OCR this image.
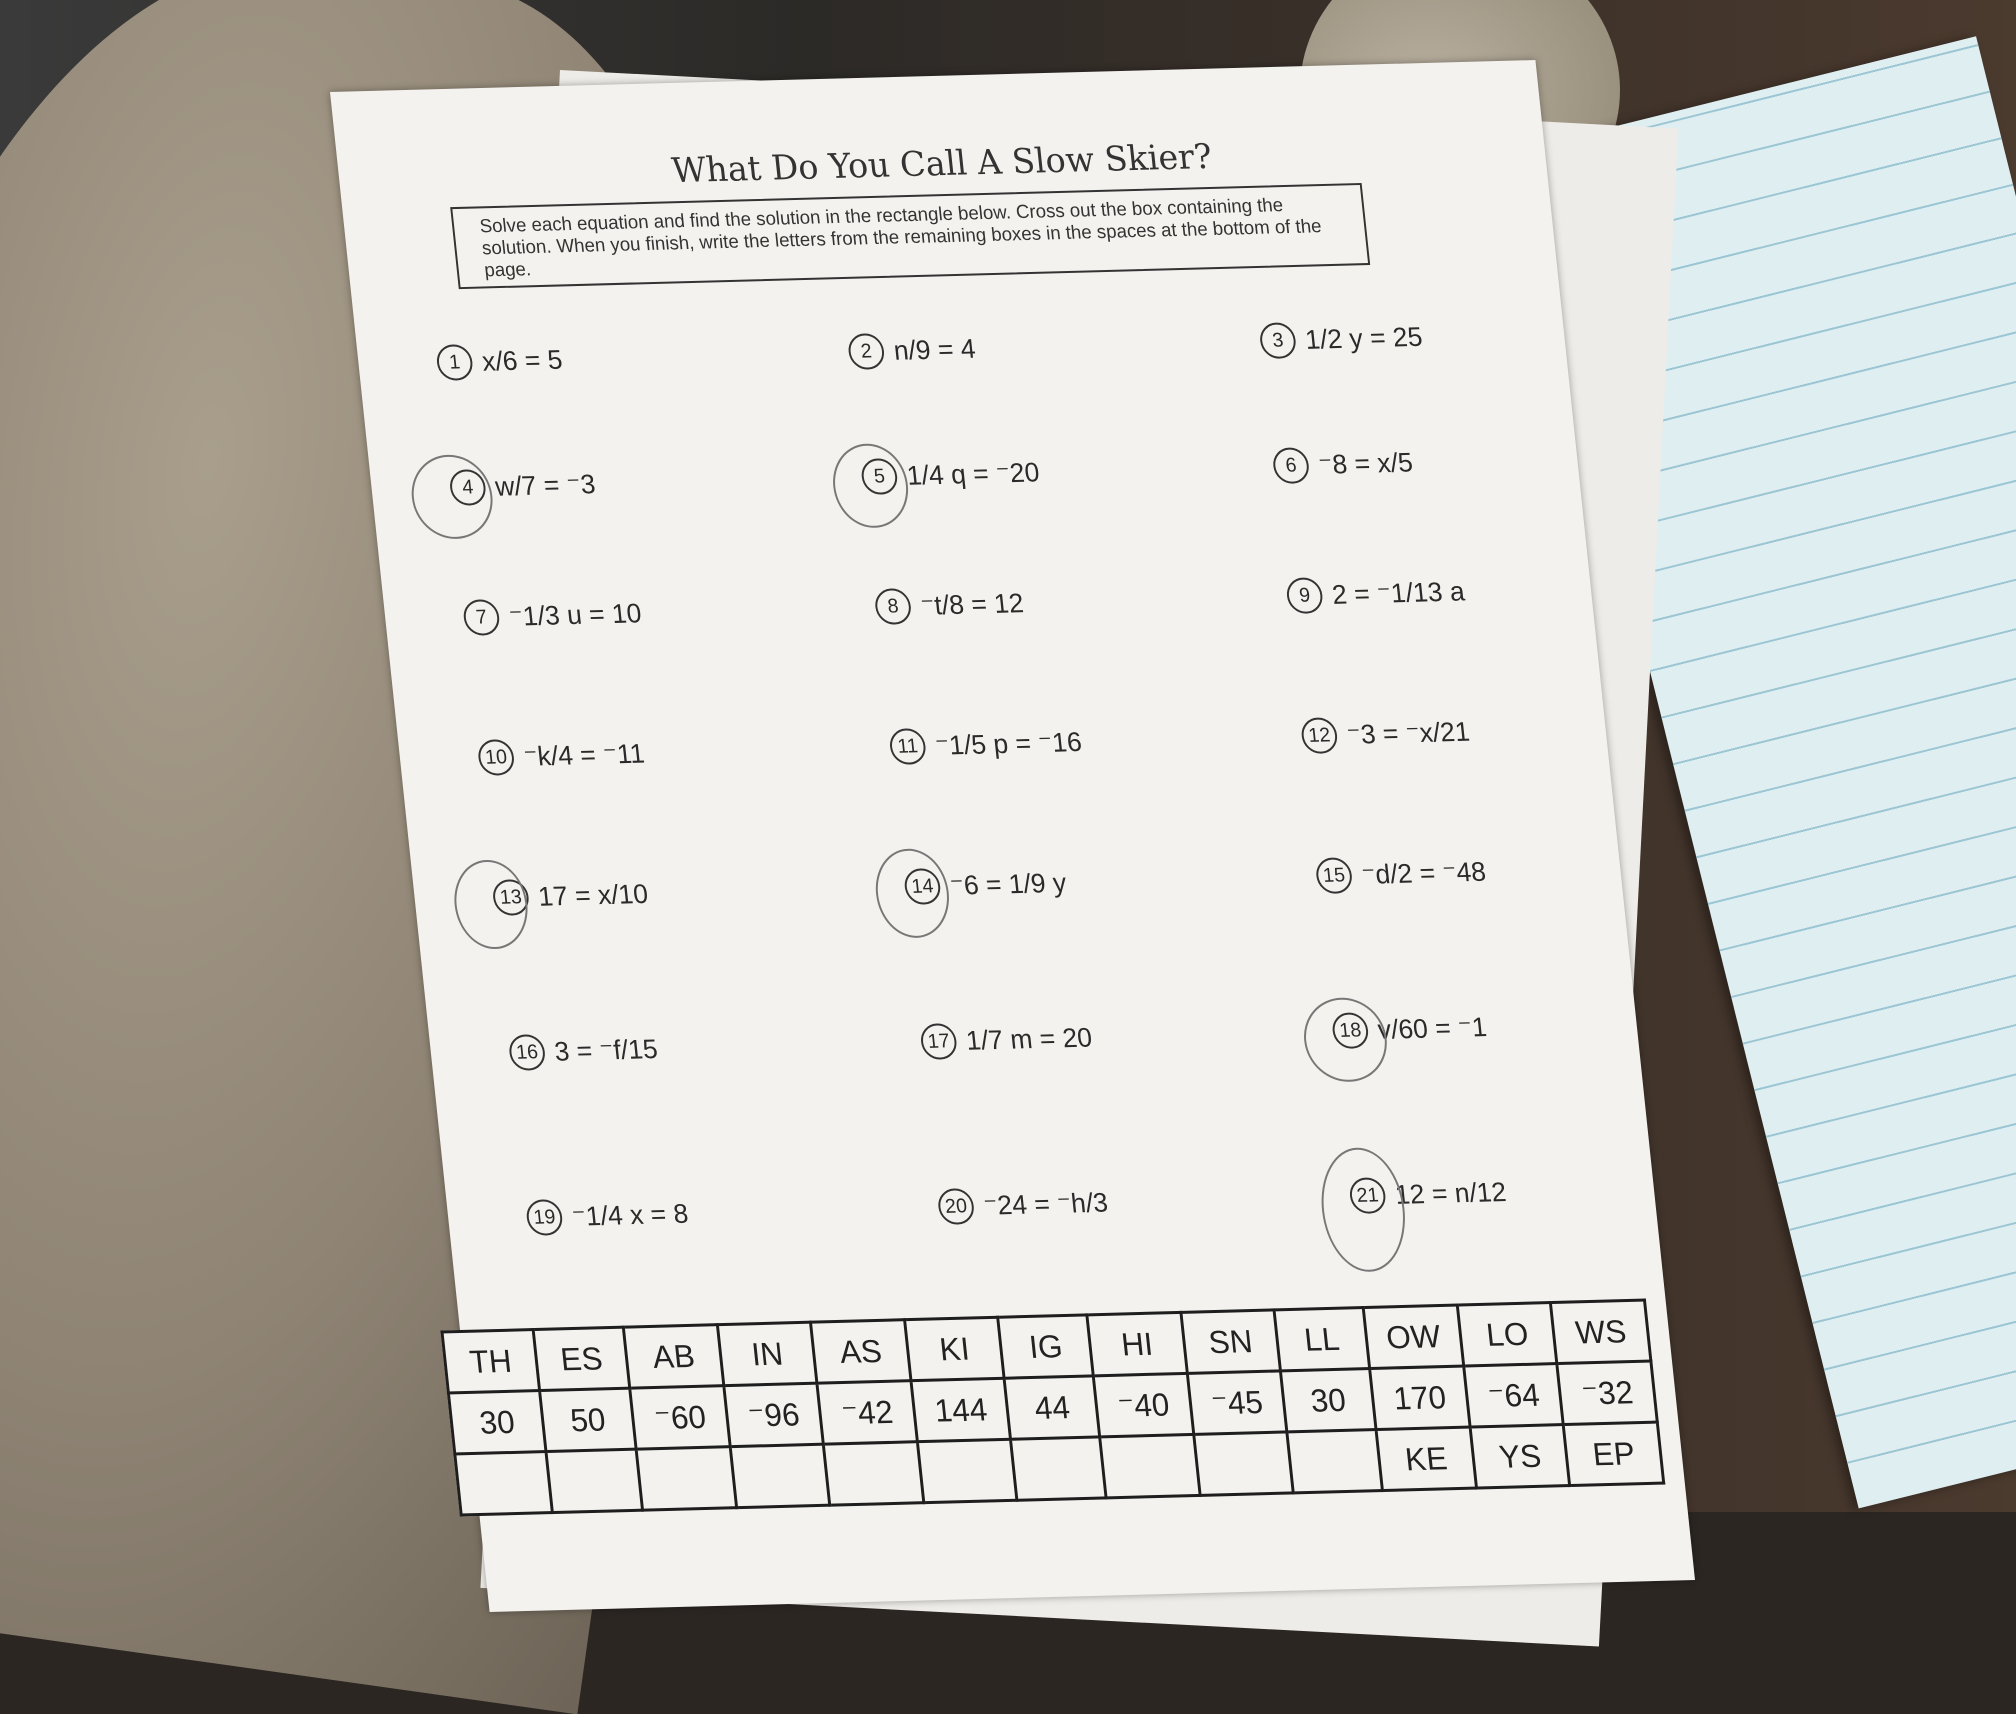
What Do You Call A Slow Skier?
Solve each equation and find the solution in the rectangle below. Cross out the box containing the solution. When you finish, write the letters from the remaining boxes in the spaces at the bottom of the page.
1 x/6 = 5	2 n/9 = 4	3 1/2 y = 25
4 w/7 = ⁻3	5 1/4 q = ⁻20	6 ⁻8 = x/5
7 ⁻1/3 u = 10	8 ⁻t/8 = 12	9 2 = ⁻1/13 a
10 ⁻k/4 = ⁻11	11 ⁻1/5 p = ⁻16	12 ⁻3 = ⁻x/21
13 17 = x/10	14 ⁻6 = 1/9 y	15 ⁻d/2 = ⁻48
16 3 = ⁻f/15	17 1/7 m = 20	18 v/60 = ⁻1
19 ⁻1/4 x = 8	20 ⁻24 = ⁻h/3	21 12 = n/12
TH	ES	AB	IN	AS	KI	IG	HI	SN	LL	OW	LO	WS
30	50	⁻60	⁻96	⁻42	144	44	⁻40	⁻45	30	170	⁻64	⁻32
										KE	YS	EP
